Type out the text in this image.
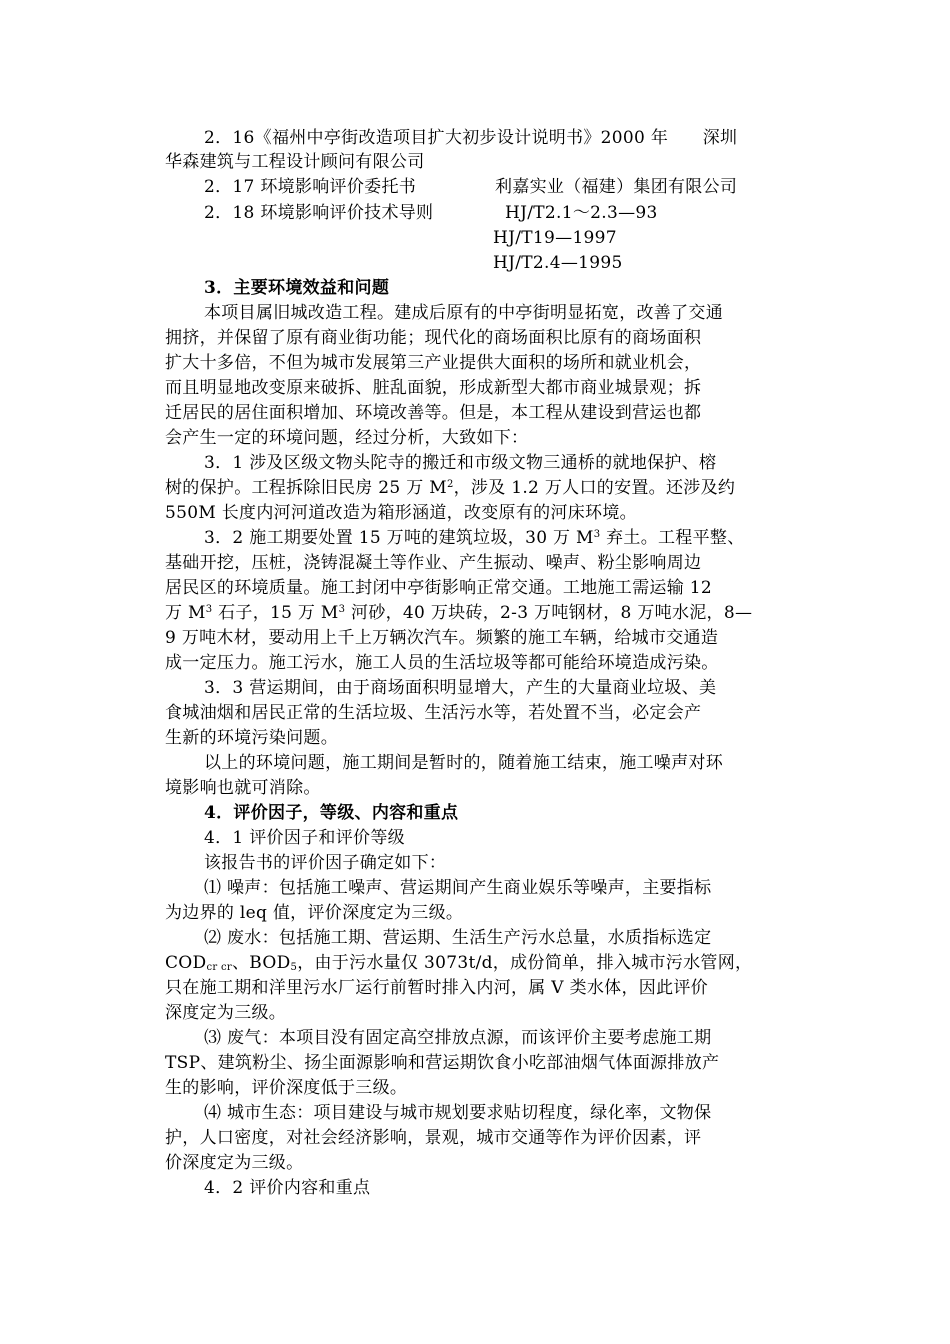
2．16《福州中亭街改造项目扩大初步设计说明书》2000 年　　深圳
华森建筑与工程设计顾问有限公司
2．17 环境影响评价委托书	利嘉实业（福建）集团有限公司
2．18 环境影响评价技术导则	HJ/T2.1～2.3—93
HJ/T19—1997
HJ/T2.4—1995
3．主要环境效益和问题
本项目属旧城改造工程。建成后原有的中亭街明显拓宽，改善了交通
拥挤，并保留了原有商业街功能；现代化的商场面积比原有的商场面积
扩大十多倍，不但为城市发展第三产业提供大面积的场所和就业机会，
而且明显地改变原来破拆、脏乱面貌，形成新型大都市商业城景观；拆
迁居民的居住面积增加、环境改善等。但是，本工程从建设到营运也都
会产生一定的环境问题，经过分析，大致如下：
3．1 涉及区级文物头陀寺的搬迁和市级文物三通桥的就地保护、榕
树的保护。工程拆除旧民房 25 万 $M^2$，涉及 1.2 万人口的安置。还涉及约
550M 长度内河河道改造为箱形涵道，改变原有的河床环境。
3．2 施工期要处置 15 万吨的建筑垃圾，30 万 $M^3$ 弃土。工程平整、
基础开挖，压桩，浇铸混凝土等作业、产生振动、噪声、粉尘影响周边
居民区的环境质量。施工封闭中亭街影响正常交通。工地施工需运输 12
万 $M^3$ 石子，15 万 $M^3$ 河砂，40 万块砖，2-3 万吨钢材，8 万吨水泥，8—
9 万吨木材，要动用上千上万辆次汽车。频繁的施工车辆，给城市交通造
成一定压力。施工污水，施工人员的生活垃圾等都可能给环境造成污染。
3．3 营运期间，由于商场面积明显增大，产生的大量商业垃圾、美
食城油烟和居民正常的生活垃圾、生活污水等，若处置不当，必定会产
生新的环境污染问题。
以上的环境问题，施工期间是暂时的，随着施工结束，施工噪声对环
境影响也就可消除。
4．评价因子，等级、内容和重点
4．1 评价因子和评价等级
该报告书的评价因子确定如下：
⑴ 噪声：包括施工噪声、营运期间产生商业娱乐等噪声，主要指标
为边界的 leq 值，评价深度定为三级。
⑵ 废水：包括施工期、营运期、生活生产污水总量，水质指标选定
$COD_{cr cr}$、$BOD_5$，由于污水量仅 3073t/d，成份简单，排入城市污水管网，
只在施工期和洋里污水厂运行前暂时排入内河，属 V 类水体，因此评价
深度定为三级。
⑶ 废气：本项目没有固定高空排放点源，而该评价主要考虑施工期
TSP、建筑粉尘、扬尘面源影响和营运期饮食小吃部油烟气体面源排放产
生的影响，评价深度低于三级。
⑷ 城市生态：项目建设与城市规划要求贴切程度，绿化率，文物保
护，人口密度，对社会经济影响，景观，城市交通等作为评价因素，评
价深度定为三级。
4．2 评价内容和重点
